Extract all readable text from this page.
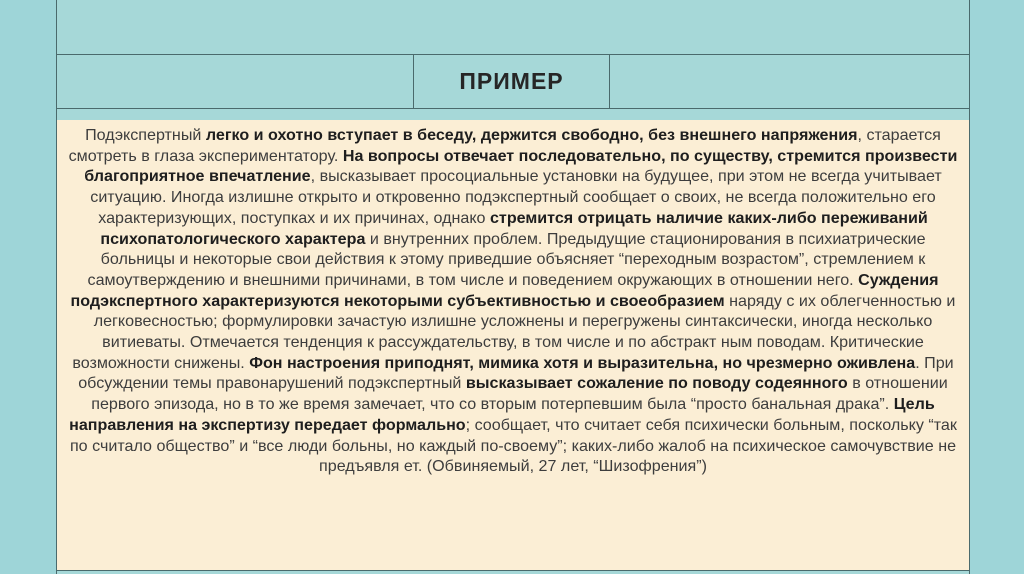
ПРИМЕР

Подэкспертный легко и охотно вступает в беседу, держится свободно, без внешнего напряжения, старается смотреть в глаза экспериментатору. На вопросы отвечает последовательно, по существу, стремится произвести благоприятное впечатление, высказывает просоциальные установки на будущее, при этом не всегда учитывает ситуацию. Иногда излишне открыто и откровенно подэкспертный сообщает о своих, не всегда положительно его характеризующих, поступках и их причинах, однако стремится отрицать наличие каких-либо переживаний психопатологического характера и внутренних проблем. Предыдущие стационирования в психиатрические больницы и некоторые свои действия к этому приведшие объясняет “переходным возрастом”, стремлением к самоутверждению и внешними причинами, в том числе и поведением окружающих в отношении него. Суждения подэкспертного характеризуются некоторыми субъективностью и своеобразием наряду с их облегченностью и легковесностью; формулировки зачастую излишне усложнены и перегружены синтаксически, иногда несколько витиеваты. Отмечается тенденция к рассуждательству, в том числе и по абстракт ным поводам. Критические возможности снижены. Фон настроения приподнят, мимика хотя и выразительна, но чрезмерно оживлена. При обсуждении темы правонарушений подэкспертный высказывает сожаление по поводу содеянного в отношении первого эпизода, но в то же время замечает, что со вторым потерпевшим была “просто банальная драка”. Цель направления на экспертизу передает формально; сообщает, что считает себя психически больным, поскольку “так по считало общество” и “все люди больны, но каждый по-своему”; каких-либо жалоб на психическое самочувствие не предъявля ет. (Обвиняемый, 27 лет, “Шизофрения”)
